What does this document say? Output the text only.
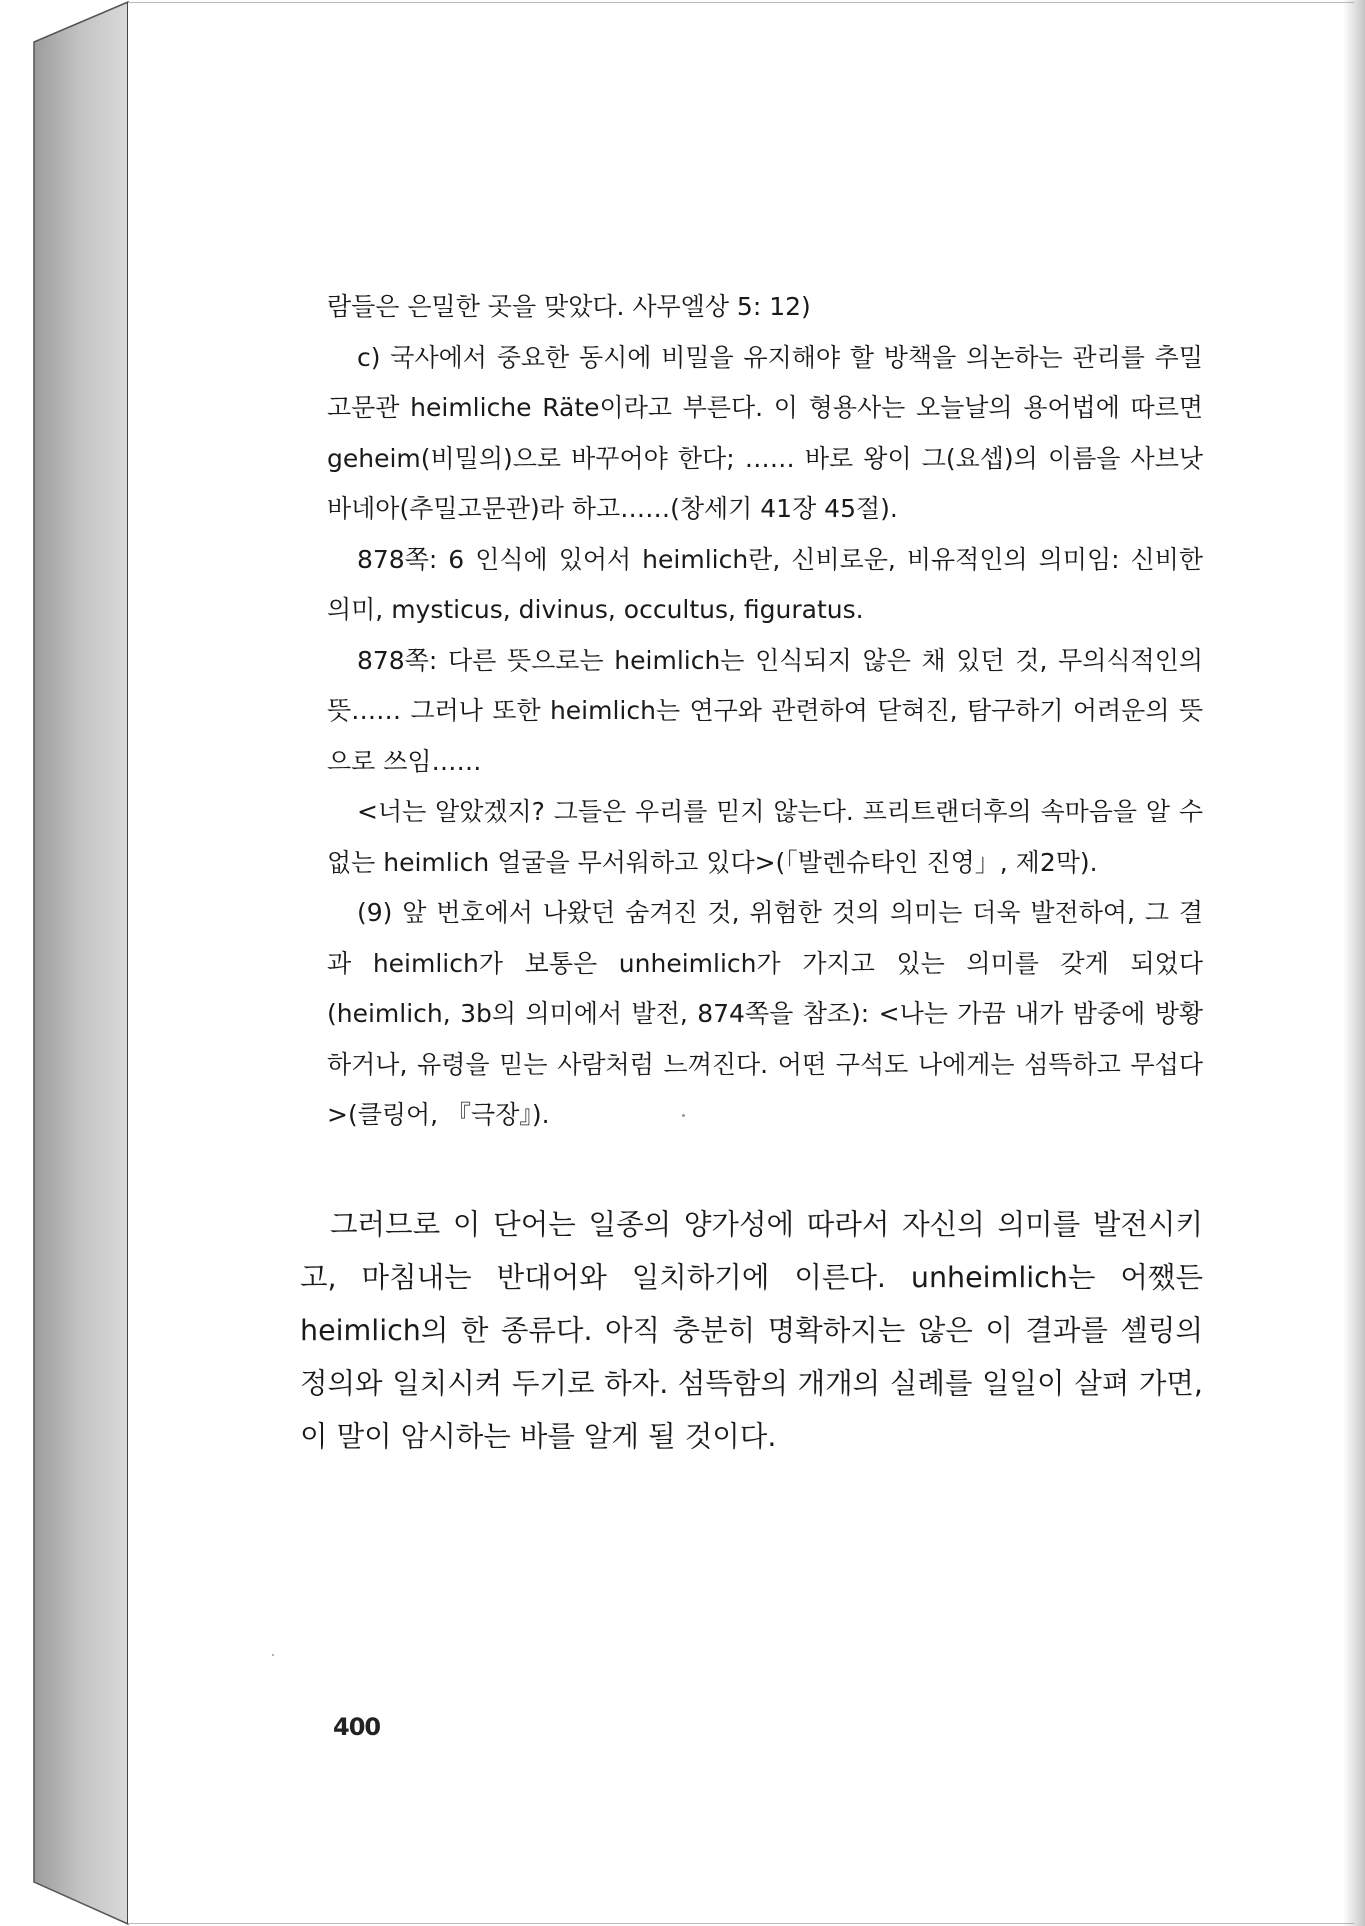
람들은 은밀한 곳을 맞았다. 사무엘상 5: 12)

c) 국사에서 중요한 동시에 비밀을 유지해야 할 방책을 의논하는 관리를 추밀고문관 heimliche Räte이라고 부른다. 이 형용사는 오늘날의 용어법에 따르면 geheim(비밀의)으로 바꾸어야 한다; …… 바로 왕이 그(요셉)의 이름을 사브낫바네아(추밀고문관)라 하고……(창세기 41장 45절).

878쪽: 6 인식에 있어서 heimlich란, 신비로운, 비유적인의 의미임: 신비한 의미, mysticus, divinus, occultus, figuratus.

878쪽: 다른 뜻으로는 heimlich는 인식되지 않은 채 있던 것, 무의식적인의 뜻…… 그러나 또한 heimlich는 연구와 관련하여 닫혀진, 탐구하기 어려운의 뜻으로 쓰임……

<너는 알았겠지? 그들은 우리를 믿지 않는다. 프리트랜더후의 속마음을 알 수 없는 heimlich 얼굴을 무서워하고 있다>(「발렌슈타인 진영」, 제2막).

(9) 앞 번호에서 나왔던 숨겨진 것, 위험한 것의 의미는 더욱 발전하여, 그 결과 heimlich가 보통은 unheimlich가 가지고 있는 의미를 갖게 되었다(heimlich, 3b의 의미에서 발전, 874쪽을 참조): <나는 가끔 내가 밤중에 방황하거나, 유령을 믿는 사람처럼 느껴진다. 어떤 구석도 나에게는 섬뜩하고 무섭다>(클링어, 『극장』).

그러므로 이 단어는 일종의 양가성에 따라서 자신의 의미를 발전시키고, 마침내는 반대어와 일치하기에 이른다. unheimlich는 어쨌든 heimlich의 한 종류다. 아직 충분히 명확하지는 않은 이 결과를 셸링의 정의와 일치시켜 두기로 하자. 섬뜩함의 개개의 실례를 일일이 살펴 가면, 이 말이 암시하는 바를 알게 될 것이다.

400
